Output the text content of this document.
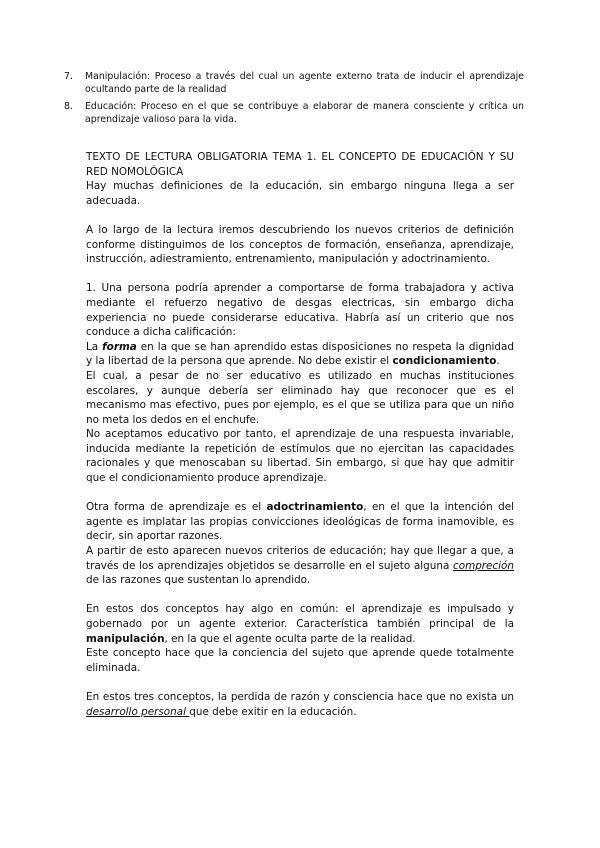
7.	Manipulación: Proceso a través del cual un agente externo trata de inducir el aprendizaje ocultando parte de la realidad
8.	Educación: Proceso en el que se contribuye a elaborar de manera consciente y crítica un aprendizaje valioso para la vida.

TEXTO DE LECTURA OBLIGATORIA TEMA 1. EL CONCEPTO DE EDUCACIÓN Y SU RED NOMOLÓGICA

Hay muchas definiciones de la educación, sin embargo ninguna llega a ser adecuada.

A lo largo de la lectura iremos descubriendo los nuevos criterios de definición conforme distinguimos de los conceptos de formación, enseñanza, aprendizaje, instrucción, adiestramiento, entrenamiento, manipulación y adoctrinamiento.

1. Una persona podría aprender a comportarse de forma trabajadora y activa mediante el refuerzo negativo de desgas electricas, sin embargo dicha experiencia no puede considerarse educativa. Habría así un criterio que nos conduce a dicha calificación:

La forma en la que se han aprendido estas disposiciones no respeta la dignidad y la libertad de la persona que aprende. No debe existir el condicionamiento.

El cual, a pesar de no ser educativo es utilizado en muchas instituciones escolares, y aunque debería ser eliminado hay que reconocer que es el mecanismo mas efectivo, pues por ejemplo, es el que se utiliza para que un niño no meta los dedos en el enchufe.

No aceptamos educativo por tanto, el aprendizaje de una respuesta invariable, inducida mediante la repetición de estímulos que no ejercitan las capacidades racionales y que menoscaban su libertad. Sin embargo, si que hay que admitir que el condicionamiento produce aprendizaje.

Otra forma de aprendizaje es el adoctrinamiento, en el que la intención del agente es implatar las propias convicciones ideológicas de forma inamovible, es decir, sin aportar razones.

A partir de esto aparecen nuevos criterios de educación; hay que llegar a que, a través de los aprendizajes objetidos se desarrolle en el sujeto alguna compreción de las razones que sustentan lo aprendido.

En estos dos conceptos hay algo en común: el aprendizaje es impulsado y gobernado por un agente exterior. Característica también principal de la manipulación, en la que el agente oculta parte de la realidad.

Este concepto hace que la conciencia del sujeto que aprende quede totalmente eliminada.

En estos tres conceptos, la perdida de razón y consciencia hace que no exista un desarrollo personal que debe exitir en la educación.
